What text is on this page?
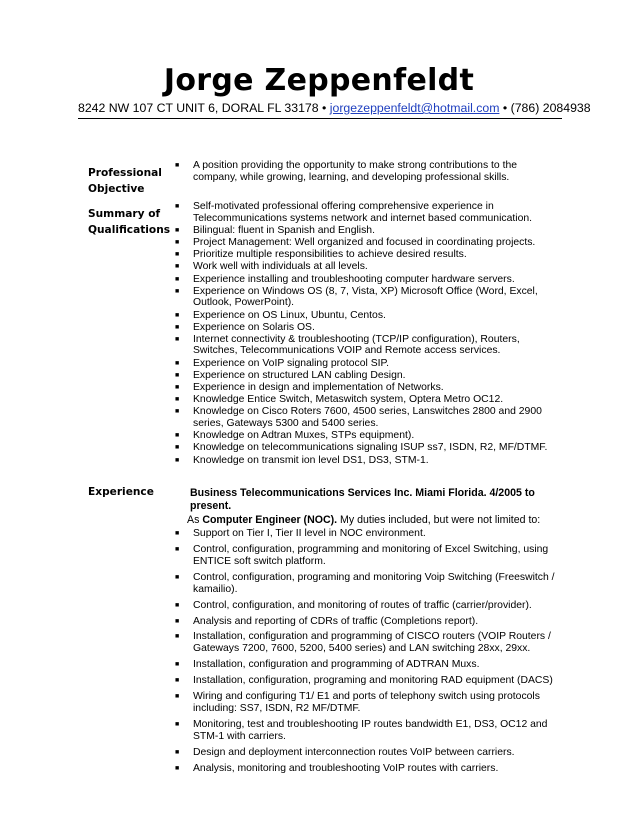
Jorge Zeppenfeldt
8242 NW 107 CT UNIT 6, DORAL FL 33178 • jorgezeppenfeldt@hotmail.com • (786) 2084938
Professional
Objective
■ A position providing the opportunity to make strong contributions to the company, while growing, learning, and developing professional skills.
Summary of
Qualifications
■ Self-motivated professional offering comprehensive experience in Telecommunications systems network and internet based communication.
■ Bilingual: fluent in Spanish and English.
■ Project Management: Well organized and focused in coordinating projects.
■ Prioritize multiple responsibilities to achieve desired results.
■ Work well with individuals at all levels.
■ Experience installing and troubleshooting computer hardware servers.
■ Experience on Windows OS (8, 7, Vista, XP) Microsoft Office (Word, Excel, Outlook, PowerPoint).
■ Experience on OS Linux, Ubuntu, Centos.
■ Experience on Solaris OS.
■ Internet connectivity & troubleshooting (TCP/IP configuration), Routers, Switches, Telecommunications VOIP and Remote access services.
■ Experience on VoIP signaling protocol SIP.
■ Experience on structured LAN cabling Design.
■ Experience in design and implementation of Networks.
■ Knowledge Entice Switch, Metaswitch system, Optera Metro OC12.
■ Knowledge on Cisco Roters 7600, 4500 series, Lanswitches 2800 and 2900 series, Gateways 5300 and 5400 series.
■ Knowledge on Adtran Muxes, STPs equipment).
■ Knowledge on telecommunications signaling ISUP ss7, ISDN, R2, MF/DTMF.
■ Knowledge on transmit ion level DS1, DS3, STM-1.
Experience	Business Telecommunications Services Inc. Miami Florida. 4/2005 to present.
As Computer Engineer (NOC). My duties included, but were not limited to:
■ Support on Tier I, Tier II level in NOC environment.
■ Control, configuration, programming and monitoring of Excel Switching, using ENTICE soft switch platform.
■ Control, configuration, programing and monitoring Voip Switching (Freeswitch / kamailio).
■ Control, configuration, and monitoring of routes of traffic (carrier/provider).
■ Analysis and reporting of CDRs of traffic (Completions report).
■ Installation, configuration and programming of CISCO routers (VOIP Routers / Gateways 7200, 7600, 5200, 5400 series) and LAN switching 28xx, 29xx.
■ Installation, configuration and programming of ADTRAN Muxs.
■ Installation, configuration, programing and monitoring RAD equipment (DACS)
■ Wiring and configuring T1/ E1 and ports of telephony switch using protocols including: SS7, ISDN, R2 MF/DTMF.
■ Monitoring, test and troubleshooting IP routes bandwidth E1, DS3, OC12 and STM-1 with carriers.
■ Design and deployment interconnection routes VoIP between carriers.
■ Analysis, monitoring and troubleshooting VoIP routes with carriers.
